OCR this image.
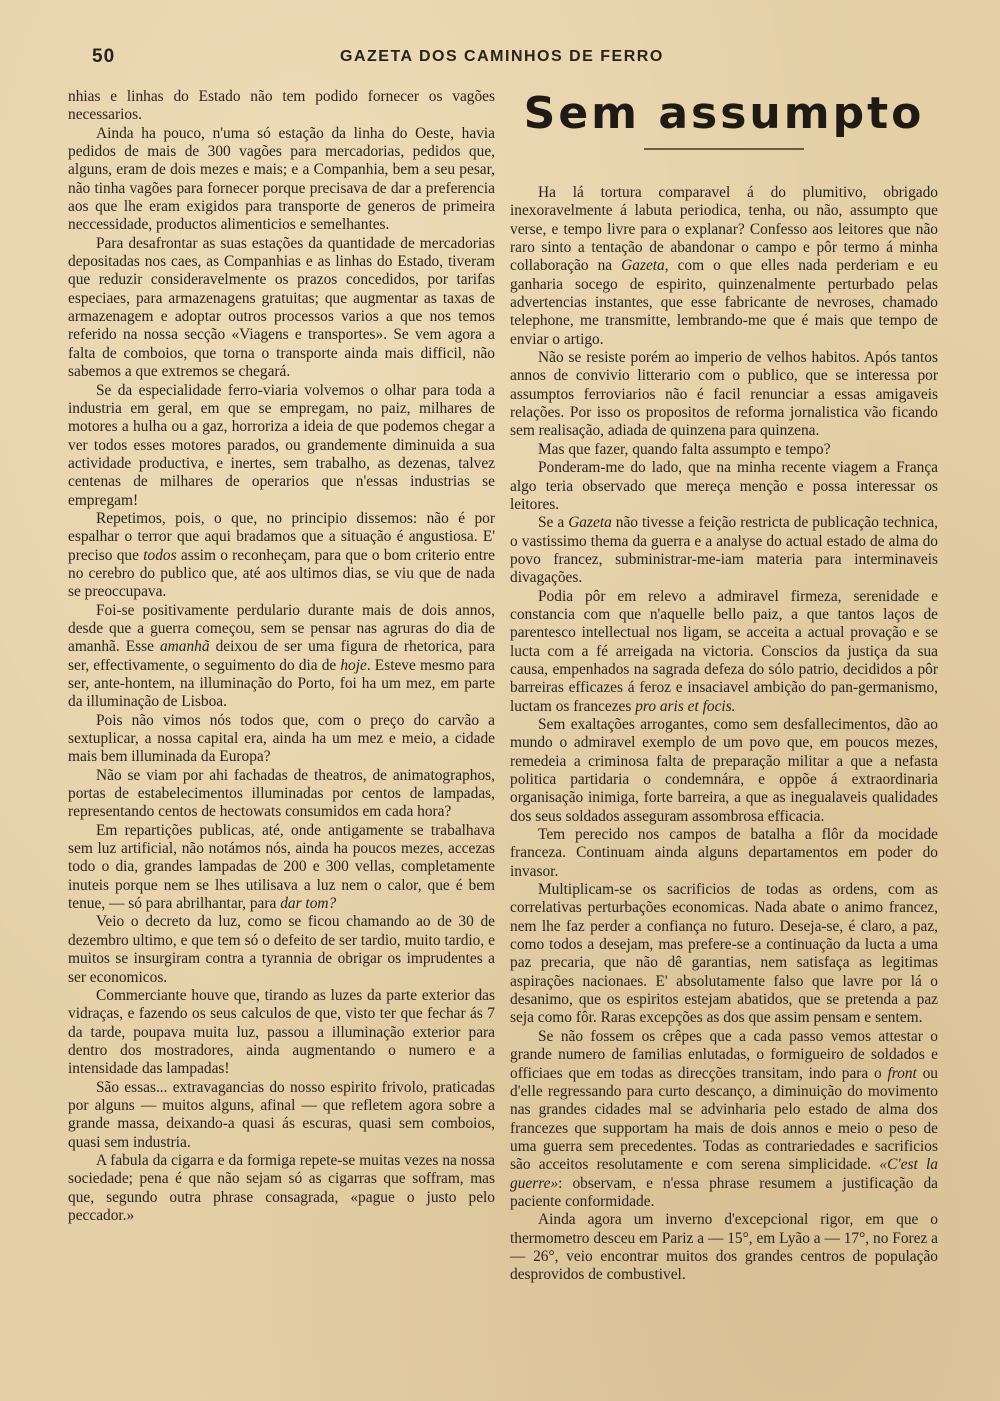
50	GAZETA DOS CAMINHOS DE FERRO

nhias e linhas do Estado não tem podido fornecer os vagões necessarios.

Ainda ha pouco, n'uma só estação da linha do Oeste, havia pedidos de mais de 300 vagões para mercadorias, pedidos que, alguns, eram de dois mezes e mais; e a Companhia, bem a seu pesar, não tinha vagões para fornecer porque precisava de dar a preferencia aos que lhe eram exigidos para transporte de generos de primeira neccessidade, productos alimenticios e semelhantes.

Para desafrontar as suas estações da quantidade de mercadorias depositadas nos caes, as Companhias e as linhas do Estado, tiveram que reduzir consideravelmente os prazos concedidos, por tarifas especiaes, para armazenagens gratuitas; que augmentar as taxas de armazenagem e adoptar outros processos varios a que nos temos referido na nossa secção «Viagens e transportes». Se vem agora a falta de comboios, que torna o transporte ainda mais difficil, não sabemos a que extremos se chegará.

Se da especialidade ferro-viaria volvemos o olhar para toda a industria em geral, em que se empregam, no paiz, milhares de motores a hulha ou a gaz, horroriza a ideia de que podemos chegar a ver todos esses motores parados, ou grandemente diminuida a sua actividade productiva, e inertes, sem trabalho, as dezenas, talvez centenas de milhares de operarios que n'essas industrias se empregam!

Repetimos, pois, o que, no principio dissemos: não é por espalhar o terror que aqui bradamos que a situação é angustiosa. E' preciso que todos assim o reconheçam, para que o bom criterio entre no cerebro do publico que, até aos ultimos dias, se viu que de nada se preoccupava.

Foi-se positivamente perdulario durante mais de dois annos, desde que a guerra começou, sem se pensar nas agruras do dia de amanhã. Esse amanhã deixou de ser uma figura de rhetorica, para ser, effectivamente, o seguimento do dia de hoje. Esteve mesmo para ser, ante-hontem, na illuminação do Porto, foi ha um mez, em parte da illuminação de Lisboa.

Pois não vimos nós todos que, com o preço do carvão a sextuplicar, a nossa capital era, ainda ha um mez e meio, a cidade mais bem illuminada da Europa?

Não se viam por ahi fachadas de theatros, de animatographos, portas de estabelecimentos illuminadas por centos de lampadas, representando centos de hectowats consumidos em cada hora?

Em repartições publicas, até, onde antigamente se trabalhava sem luz artificial, não notámos nós, ainda ha poucos mezes, accezas todo o dia, grandes lampadas de 200 e 300 vellas, completamente inuteis porque nem se lhes utilisava a luz nem o calor, que é bem tenue, — só para abrilhantar, para dar tom?

Veio o decreto da luz, como se ficou chamando ao de 30 de dezembro ultimo, e que tem só o defeito de ser tardio, muito tardio, e muitos se insurgiram contra a tyrannia de obrigar os imprudentes a ser economicos.

Commerciante houve que, tirando as luzes da parte exterior das vidraças, e fazendo os seus calculos de que, visto ter que fechar ás 7 da tarde, poupava muita luz, passou a illuminação exterior para dentro dos mostradores, ainda augmentando o numero e a intensidade das lampadas!

São essas... extravagancias do nosso espirito frivolo, praticadas por alguns — muitos alguns, afinal — que refletem agora sobre a grande massa, deixando-a quasi ás escuras, quasi sem comboios, quasi sem industria.

A fabula da cigarra e da formiga repete-se muitas vezes na nossa sociedade; pena é que não sejam só as cigarras que soffram, mas que, segundo outra phrase consagrada, «pague o justo pelo peccador.»

Sem assumpto

Ha lá tortura comparavel á do plumitivo, obrigado inexoravelmente á labuta periodica, tenha, ou não, assumpto que verse, e tempo livre para o explanar? Confesso aos leitores que não raro sinto a tentação de abandonar o campo e pôr termo á minha collaboração na Gazeta, com o que elles nada perderiam e eu ganharia socego de espirito, quinzenalmente perturbado pelas advertencias instantes, que esse fabricante de nevroses, chamado telephone, me transmitte, lembrando-me que é mais que tempo de enviar o artigo.

Não se resiste porém ao imperio de velhos habitos. Após tantos annos de convivio litterario com o publico, que se interessa por assumptos ferroviarios não é facil renunciar a essas amigaveis relações. Por isso os propositos de reforma jornalistica vão ficando sem realisação, adiada de quinzena para quinzena.

Mas que fazer, quando falta assumpto e tempo?

Ponderam-me do lado, que na minha recente viagem a França algo teria observado que mereça menção e possa interessar os leitores.

Se a Gazeta não tivesse a feição restricta de publicação technica, o vastissimo thema da guerra e a analyse do actual estado de alma do povo francez, subministrar-me-iam materia para interminaveis divagações.

Podia pôr em relevo a admiravel firmeza, serenidade e constancia com que n'aquelle bello paiz, a que tantos laços de parentesco intellectual nos ligam, se acceita a actual provação e se lucta com a fé arreigada na victoria. Conscios da justiça da sua causa, empenhados na sagrada defeza do sólo patrio, decididos a pôr barreiras efficazes á feroz e insaciavel ambição do pan-germanismo, luctam os francezes pro aris et focis.

Sem exaltações arrogantes, como sem desfallecimentos, dão ao mundo o admiravel exemplo de um povo que, em poucos mezes, remedeia a criminosa falta de preparação militar a que a nefasta politica partidaria o condemnára, e oppõe á extraordinaria organisação inimiga, forte barreira, a que as inegualaveis qualidades dos seus soldados asseguram assombrosa efficacia.

Tem perecido nos campos de batalha a flôr da mocidade franceza. Continuam ainda alguns departamentos em poder do invasor.

Multiplicam-se os sacrificios de todas as ordens, com as correlativas perturbações economicas. Nada abate o animo francez, nem lhe faz perder a confiança no futuro. Deseja-se, é claro, a paz, como todos a desejam, mas prefere-se a continuação da lucta a uma paz precaria, que não dê garantias, nem satisfaça as legitimas aspirações nacionaes. E' absolutamente falso que lavre por lá o desanimo, que os espiritos estejam abatidos, que se pretenda a paz seja como fôr. Raras excepções as dos que assim pensam e sentem.

Se não fossem os crêpes que a cada passo vemos attestar o grande numero de familias enlutadas, o formigueiro de soldados e officiaes que em todas as direcções transitam, indo para o front ou d'elle regressando para curto descanço, a diminuição do movimento nas grandes cidades mal se advinharia pelo estado de alma dos francezes que supportam ha mais de dois annos e meio o peso de uma guerra sem precedentes. Todas as contrariedades e sacrificios são acceitos resolutamente e com serena simplicidade. «C'est la guerre»: observam, e n'essa phrase resumem a justificação da paciente conformidade.

Ainda agora um inverno d'excepcional rigor, em que o thermometro desceu em Pariz a — 15°, em Lyão a — 17°, no Forez a — 26°, veio encontrar muitos dos grandes centros de população desprovidos de combustivel.
